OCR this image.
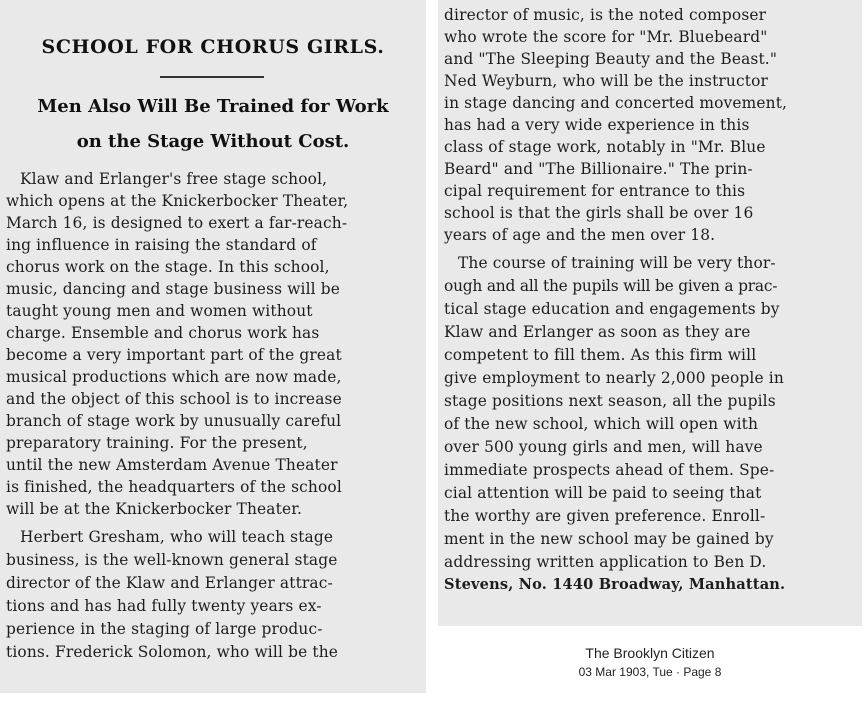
SCHOOL FOR CHORUS GIRLS.
Men Also Will Be Trained for Work
on the Stage Without Cost.
Klaw and Erlanger's free stage school,
which opens at the Knickerbocker Theater,
March 16, is designed to exert a far-reach-
ing influence in raising the standard of
chorus work on the stage. In this school,
music, dancing and stage business will be
taught young men and women without
charge. Ensemble and chorus work has
become a very important part of the great
musical productions which are now made,
and the object of this school is to increase
branch of stage work by unusually careful
preparatory training. For the present,
until the new Amsterdam Avenue Theater
is finished, the headquarters of the school
will be at the Knickerbocker Theater.
Herbert Gresham, who will teach stage
business, is the well-known general stage
director of the Klaw and Erlanger attrac-
tions and has had fully twenty years ex-
perience in the staging of large produc-
tions. Frederick Solomon, who will be the
director of music, is the noted composer
who wrote the score for "Mr. Bluebeard"
and "The Sleeping Beauty and the Beast."
Ned Weyburn, who will be the instructor
in stage dancing and concerted movement,
has had a very wide experience in this
class of stage work, notably in "Mr. Blue
Beard" and "The Billionaire." The prin-
cipal requirement for entrance to this
school is that the girls shall be over 16
years of age and the men over 18.
The course of training will be very thor-
ough and all the pupils will be given a prac-
tical stage education and engagements by
Klaw and Erlanger as soon as they are
competent to fill them. As this firm will
give employment to nearly 2,000 people in
stage positions next season, all the pupils
of the new school, which will open with
over 500 young girls and men, will have
immediate prospects ahead of them. Spe-
cial attention will be paid to seeing that
the worthy are given preference. Enroll-
ment in the new school may be gained by
addressing written application to Ben D.
Stevens, No. 1440 Broadway, Manhattan.
The Brooklyn Citizen
03 Mar 1903, Tue · Page 8
